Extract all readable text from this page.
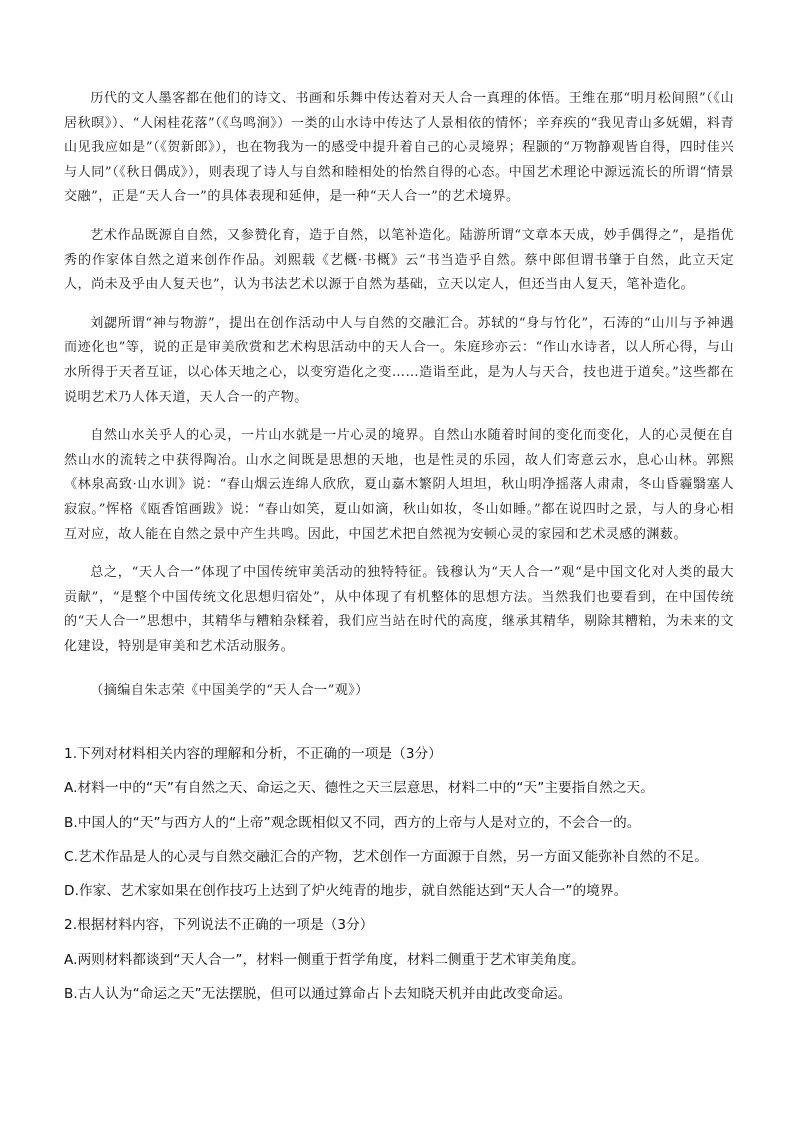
历代的文人墨客都在他们的诗文、书画和乐舞中传达着对天人合一真理的体悟。王维在那“明月松间照”（《山居秋暝》）、“人闲桂花落”（《鸟鸣涧》）一类的山水诗中传达了人景相依的情怀；辛弃疾的“我见青山多妩媚，料青山见我应如是”（《贺新郎》），也在物我为一的感受中提升着自己的心灵境界；程颢的“万物静观皆自得，四时佳兴与人同”（《秋日偶成》），则表现了诗人与自然和睦相处的怡然自得的心态。中国艺术理论中源远流长的所谓“情景交融”，正是“天人合一”的具体表现和延伸，是一种“天人合一”的艺术境界。

艺术作品既源自自然，又参赞化育，造于自然，以笔补造化。陆游所谓“文章本天成，妙手偶得之”，是指优秀的作家体自然之道来创作作品。刘熙载《艺概·书概》云“书当造乎自然。蔡中郎但谓书肇于自然，此立天定人，尚未及乎由人复天也”，认为书法艺术以源于自然为基础，立天以定人，但还当由人复天，笔补造化。

刘勰所谓“神与物游”，提出在创作活动中人与自然的交融汇合。苏轼的“身与竹化”，石涛的“山川与予神遇而迹化也”等，说的正是审美欣赏和艺术构思活动中的天人合一。朱庭珍亦云：“作山水诗者，以人所心得，与山水所得于天者互证，以心体天地之心，以变穷造化之变……造诣至此，是为人与天合，技也进于道矣。”这些都在说明艺术乃人体天道，天人合一的产物。

自然山水关乎人的心灵，一片山水就是一片心灵的境界。自然山水随着时间的变化而变化，人的心灵便在自然山水的流转之中获得陶冶。山水之间既是思想的天地，也是性灵的乐园，故人们寄意云水，息心山林。郭熙《林泉高致·山水训》说：“春山烟云连绵人欣欣，夏山嘉木繁阴人坦坦，秋山明净摇落人肃肃，冬山昏霾翳塞人寂寂。”恽格《瓯香馆画跋》说：“春山如笑，夏山如滴，秋山如妆，冬山如睡。”都在说四时之景，与人的身心相互对应，故人能在自然之景中产生共鸣。因此，中国艺术把自然视为安顿心灵的家园和艺术灵感的渊薮。

总之，“天人合一”体现了中国传统审美活动的独特特征。钱穆认为“天人合一”观“是中国文化对人类的最大贡献”，“是整个中国传统文化思想归宿处”，从中体现了有机整体的思想方法。当然我们也要看到，在中国传统的“天人合一”思想中，其精华与糟粕杂糅着，我们应当站在时代的高度，继承其精华，剔除其糟粕，为未来的文化建设，特别是审美和艺术活动服务。

（摘编自朱志荣《中国美学的“天人合一”观》）

1.下列对材料相关内容的理解和分析，不正确的一项是（3分）
A.材料一中的“天”有自然之天、命运之天、德性之天三层意思，材料二中的“天”主要指自然之天。
B.中国人的“天”与西方人的“上帝”观念既相似又不同，西方的上帝与人是对立的，不会合一的。
C.艺术作品是人的心灵与自然交融汇合的产物，艺术创作一方面源于自然，另一方面又能弥补自然的不足。
D.作家、艺术家如果在创作技巧上达到了炉火纯青的地步，就自然能达到“天人合一”的境界。
2.根据材料内容，下列说法不正确的一项是（3分）
A.两则材料都谈到“天人合一”，材料一侧重于哲学角度，材料二侧重于艺术审美角度。
B.古人认为“命运之天”无法摆脱，但可以通过算命占卜去知晓天机并由此改变命运。
